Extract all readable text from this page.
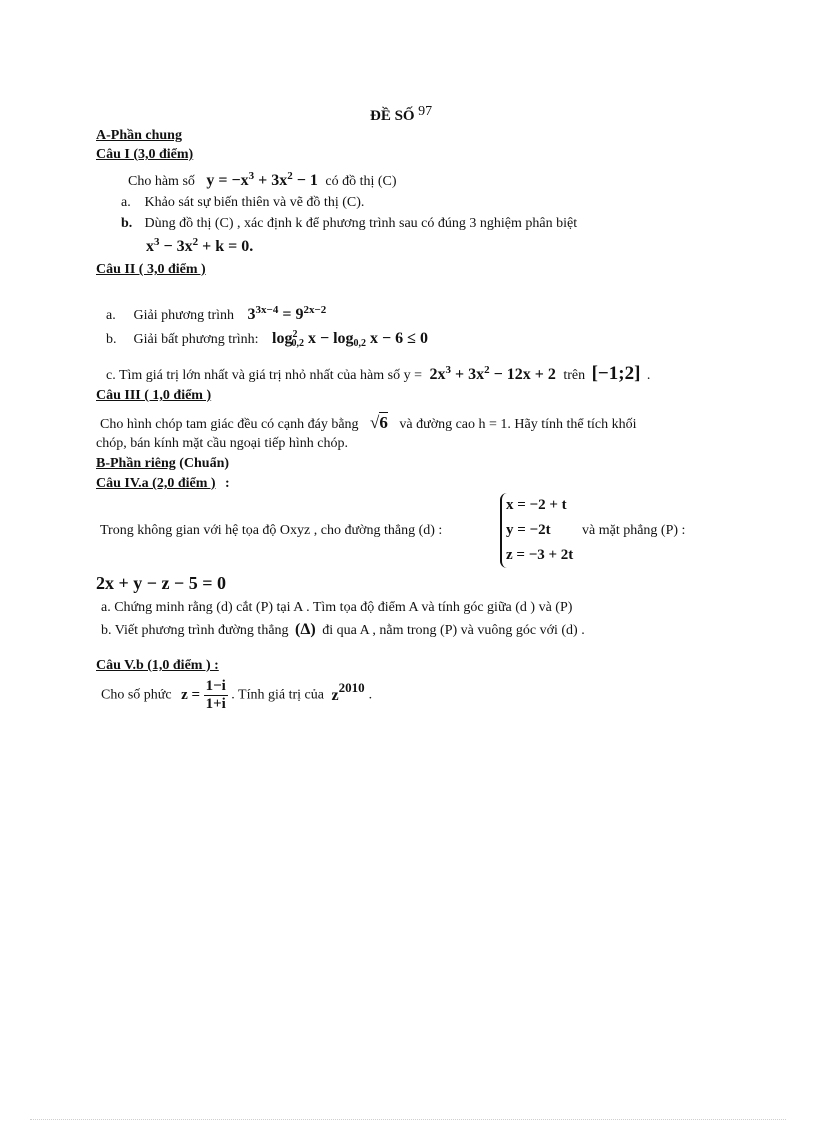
ĐỀ SỐ $^{97}$
A-Phần chung
Câu I (3,0 điểm)
Cho hàm số $y = -x^3 + 3x^2 - 1$ có đồ thị (C)
a. Khảo sát sự biến thiên và vẽ đồ thị (C).
b. Dùng đồ thị (C) , xác định k để phương trình sau có đúng 3 nghiệm phân biệt
$x^3 - 3x^2 + k = 0$.
Câu II ( 3,0 điểm )
a. Giải phương trình $3^{3x-4} = 9^{2x-2}$
b. Giải bất phương trình: $\log^2_{0,2} x - \log_{0,2} x - 6 \le 0$
c. Tìm giá trị lớn nhất và giá trị nhỏ nhất của hàm số $y = 2x^3 + 3x^2 - 12x + 2$ trên [−1;2] .
Câu III ( 1,0 điểm )
Cho hình chóp tam giác đều có cạnh đáy bằng √6 và đường cao h = 1. Hãy tính thể tích khối
chóp, bán kính mặt cầu ngoại tiếp hình chóp.
B-Phần riêng (Chuẩn)
Câu IV.a (2,0 điểm ) :
Trong không gian với hệ tọa độ Oxyz , cho đường thẳng (d) :
x = −2 + t
y = −2t
z = −3 + 2t
và mặt phẳng (P) :
2x + y − z − 5 = 0
a. Chứng minh rằng (d) cắt (P) tại A . Tìm tọa độ điểm A và tính góc giữa (d ) và (P)
b. Viết phương trình đường thẳng (Δ) đi qua A , nằm trong (P) và vuông góc với (d) .
Câu V.b (1,0 điểm ) :
Cho số phức $z = \frac{1-i}{1+i}$ . Tính giá trị của $z^{2010}$ .
